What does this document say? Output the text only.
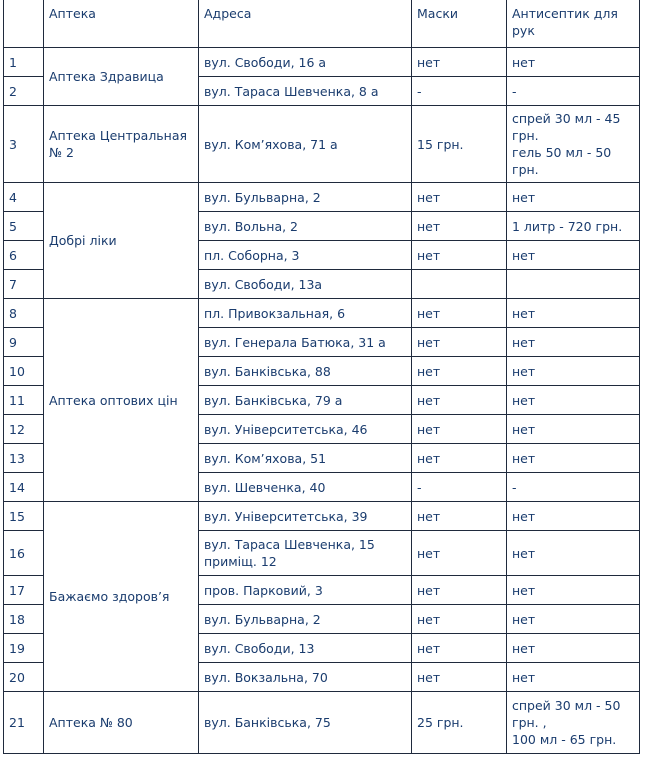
	Аптека	Адреса	Маски	Антисептик для рук
1	Аптека Здравица	вул. Свободи, 16 а	нет	нет
2		вул. Тараса Шевченка, 8 а	-	-
3	Аптека Центральная № 2	вул. Ком’яхова, 71 а	15 грн.	спрей 30 мл - 45 грн.
гель 50 мл - 50 грн.
4	Добрі ліки	вул. Бульварна, 2	нет	нет
5		вул. Вольна, 2	нет	1 литр - 720 грн.
6		пл. Соборна, 3	нет	нет
7		вул. Свободи, 13а		
8	Аптека оптових цін	пл. Привокзальная, 6	нет	нет
9		вул. Генерала Батюка, 31 а	нет	нет
10		вул. Банківська, 88	нет	нет
11		вул. Банківська, 79 а	нет	нет
12		вул. Університетська, 46	нет	нет
13		вул. Ком’яхова, 51	нет	нет
14		вул. Шевченка, 40	-	-
15	Бажаємо здоров’я	вул. Університетська, 39	нет	нет
16		вул. Тараса Шевченка, 15 приміщ. 12	нет	нет
17		пров. Парковий, 3	нет	нет
18		вул. Бульварна, 2	нет	нет
19		вул. Свободи, 13	нет	нет
20		вул. Вокзальна, 70	нет	нет
21	Аптека № 80	вул. Банківська, 75	25 грн.	спрей 30 мл - 50 грн. ,
100 мл - 65 грн.
